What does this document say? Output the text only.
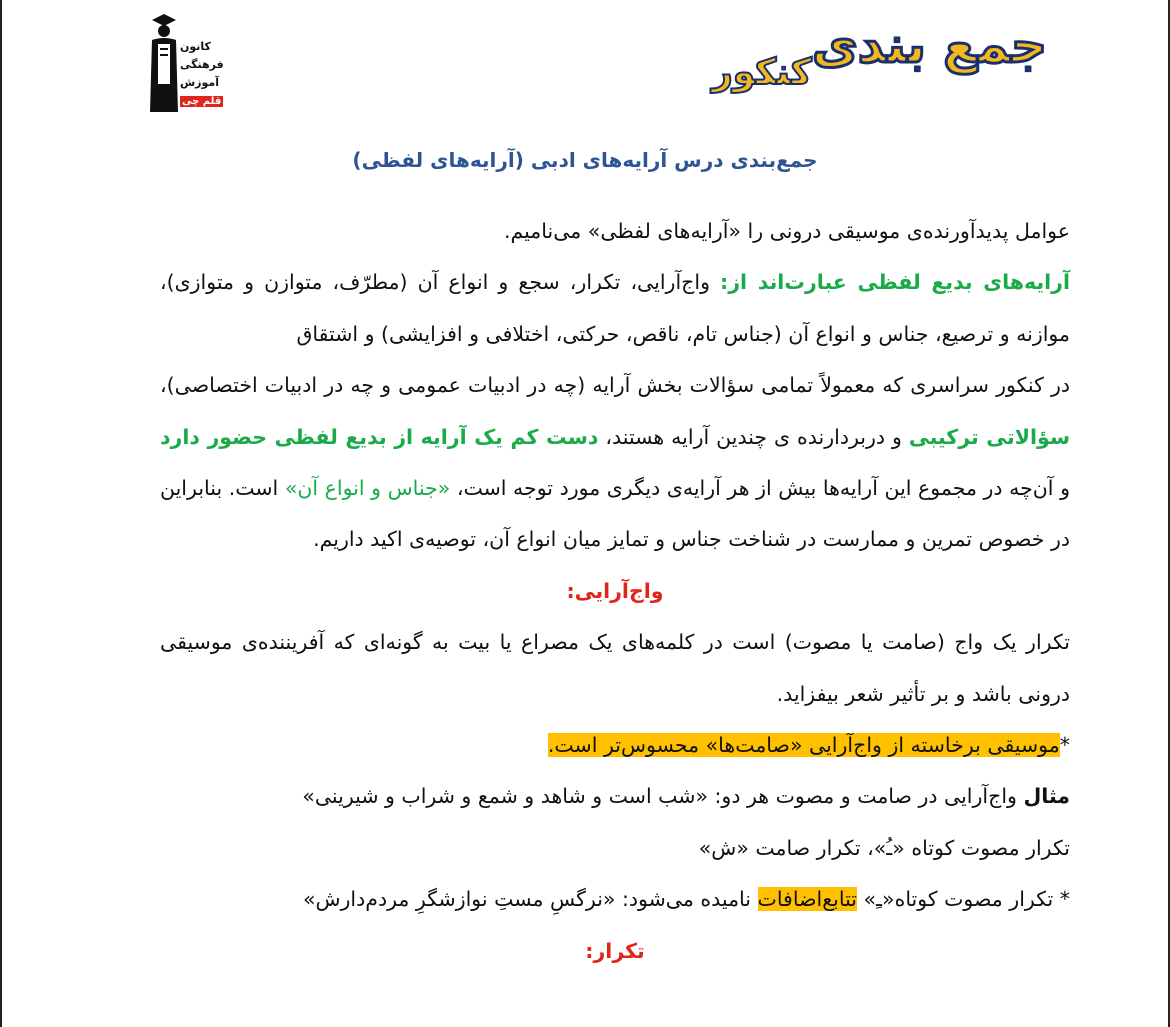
کانون
فرهنگی
آموزش
قلم چی
جمع بندی
کنکور
جمع‌بندی درس آرایه‌های ادبی (آرایه‌های لفظی)

عوامل پدیدآورنده‌ی موسیقی درونی را «آرایه‌های لفظی» می‌نامیم.

آرایه‌های بدیع لفظی عبارت‌اند از: واج‌آرایی، تکرار، سجع و انواع آن (مطرّف، متوازن و متوازی)، موازنه و ترصیع، جناس و انواع آن (جناس تام، ناقص، حرکتی، اختلافی و افزایشی) و اشتقاق

در کنکور سراسری که معمولاً تمامی سؤالات بخش آرایه (چه در ادبیات عمومی و چه در ادبیات اختصاصی)، سؤالاتی ترکیبی و دربردارنده ی چندین آرایه هستند، دست کم یک آرایه از بدیع لفظی حضور دارد و آن‌چه در مجموع این آرایه‌ها بیش از هر آرایه‌ی دیگری مورد توجه است، «جناس و انواع آن» است. بنابراین در خصوص تمرین و ممارست در شناخت جناس و تمایز میان انواع آن، توصیه‌ی اکید داریم.

واج‌آرایی:

تکرار یک واج (صامت یا مصوت) است در کلمه‌های یک مصراع یا بیت به گونه‌ای که آفریننده‌ی موسیقی درونی باشد و بر تأثیر شعر بیفزاید.

*موسیقی برخاسته از واج‌آرایی «صامت‌ها» محسوس‌تر است.

مثال واج‌آرایی در صامت و مصوت هر دو: «شب است و شاهد و شمع و شراب و شیرینی»

تکرار مصوت کوتاه «ـُ»، تکرار صامت «ش»

* تکرار مصوت کوتاه«ـِ» تتابع‌اضافات نامیده می‌شود: «نرگسِ مستِ نوازشگرِ مردم‌دارش»

تکرار:
